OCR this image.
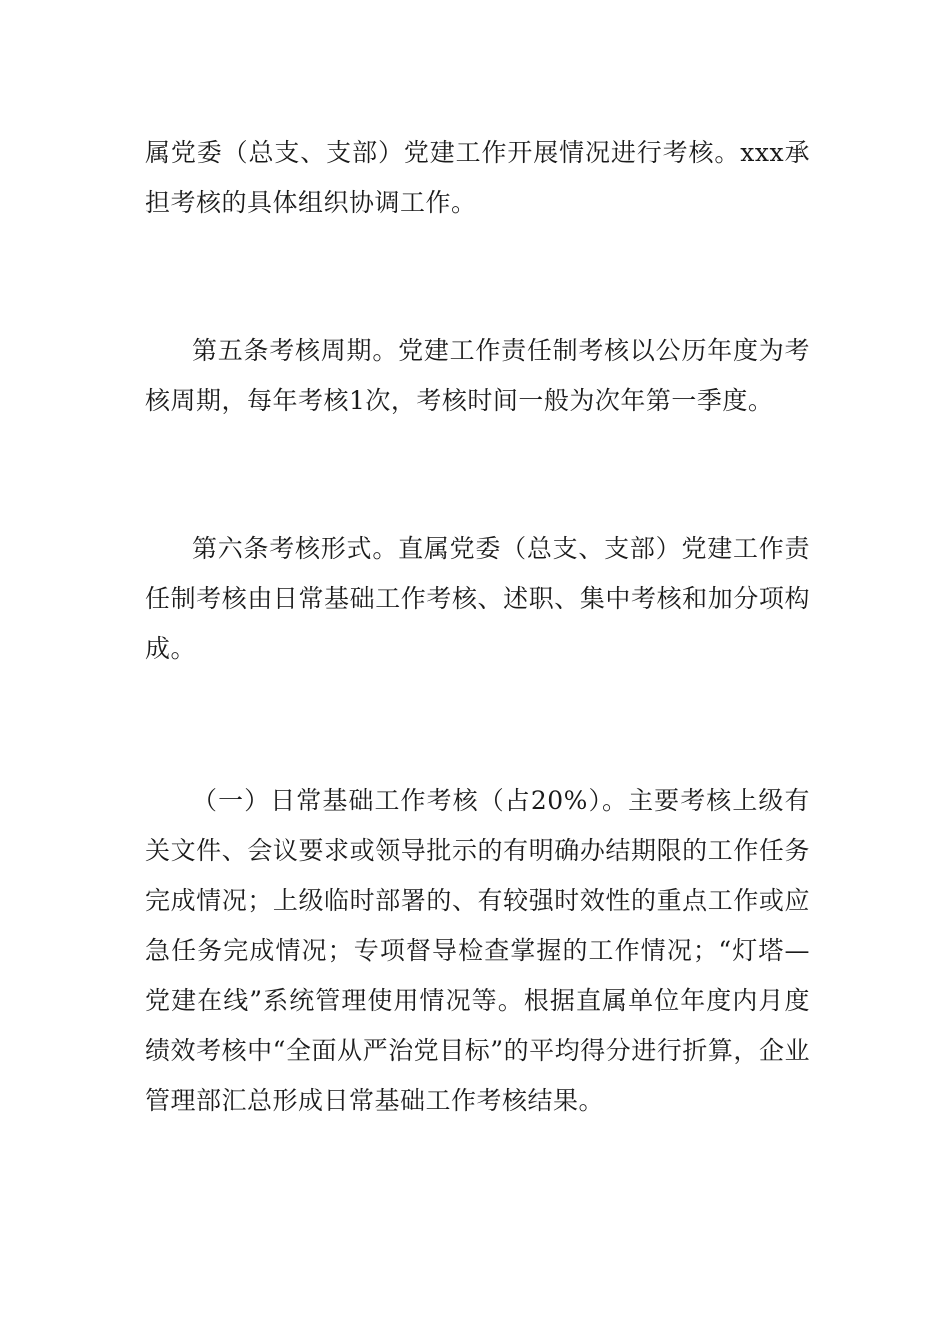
属党委（总支、支部）党建工作开展情况进行考核。xxx承担考核的具体组织协调工作。

第五条考核周期。党建工作责任制考核以公历年度为考核周期，每年考核1次，考核时间一般为次年第一季度。

第六条考核形式。直属党委（总支、支部）党建工作责任制考核由日常基础工作考核、述职、集中考核和加分项构成。

（一）日常基础工作考核（占20%）。主要考核上级有关文件、会议要求或领导批示的有明确办结期限的工作任务完成情况；上级临时部署的、有较强时效性的重点工作或应急任务完成情况；专项督导检查掌握的工作情况；“灯塔—党建在线”系统管理使用情况等。根据直属单位年度内月度绩效考核中“全面从严治党目标”的平均得分进行折算，企业管理部汇总形成日常基础工作考核结果。
